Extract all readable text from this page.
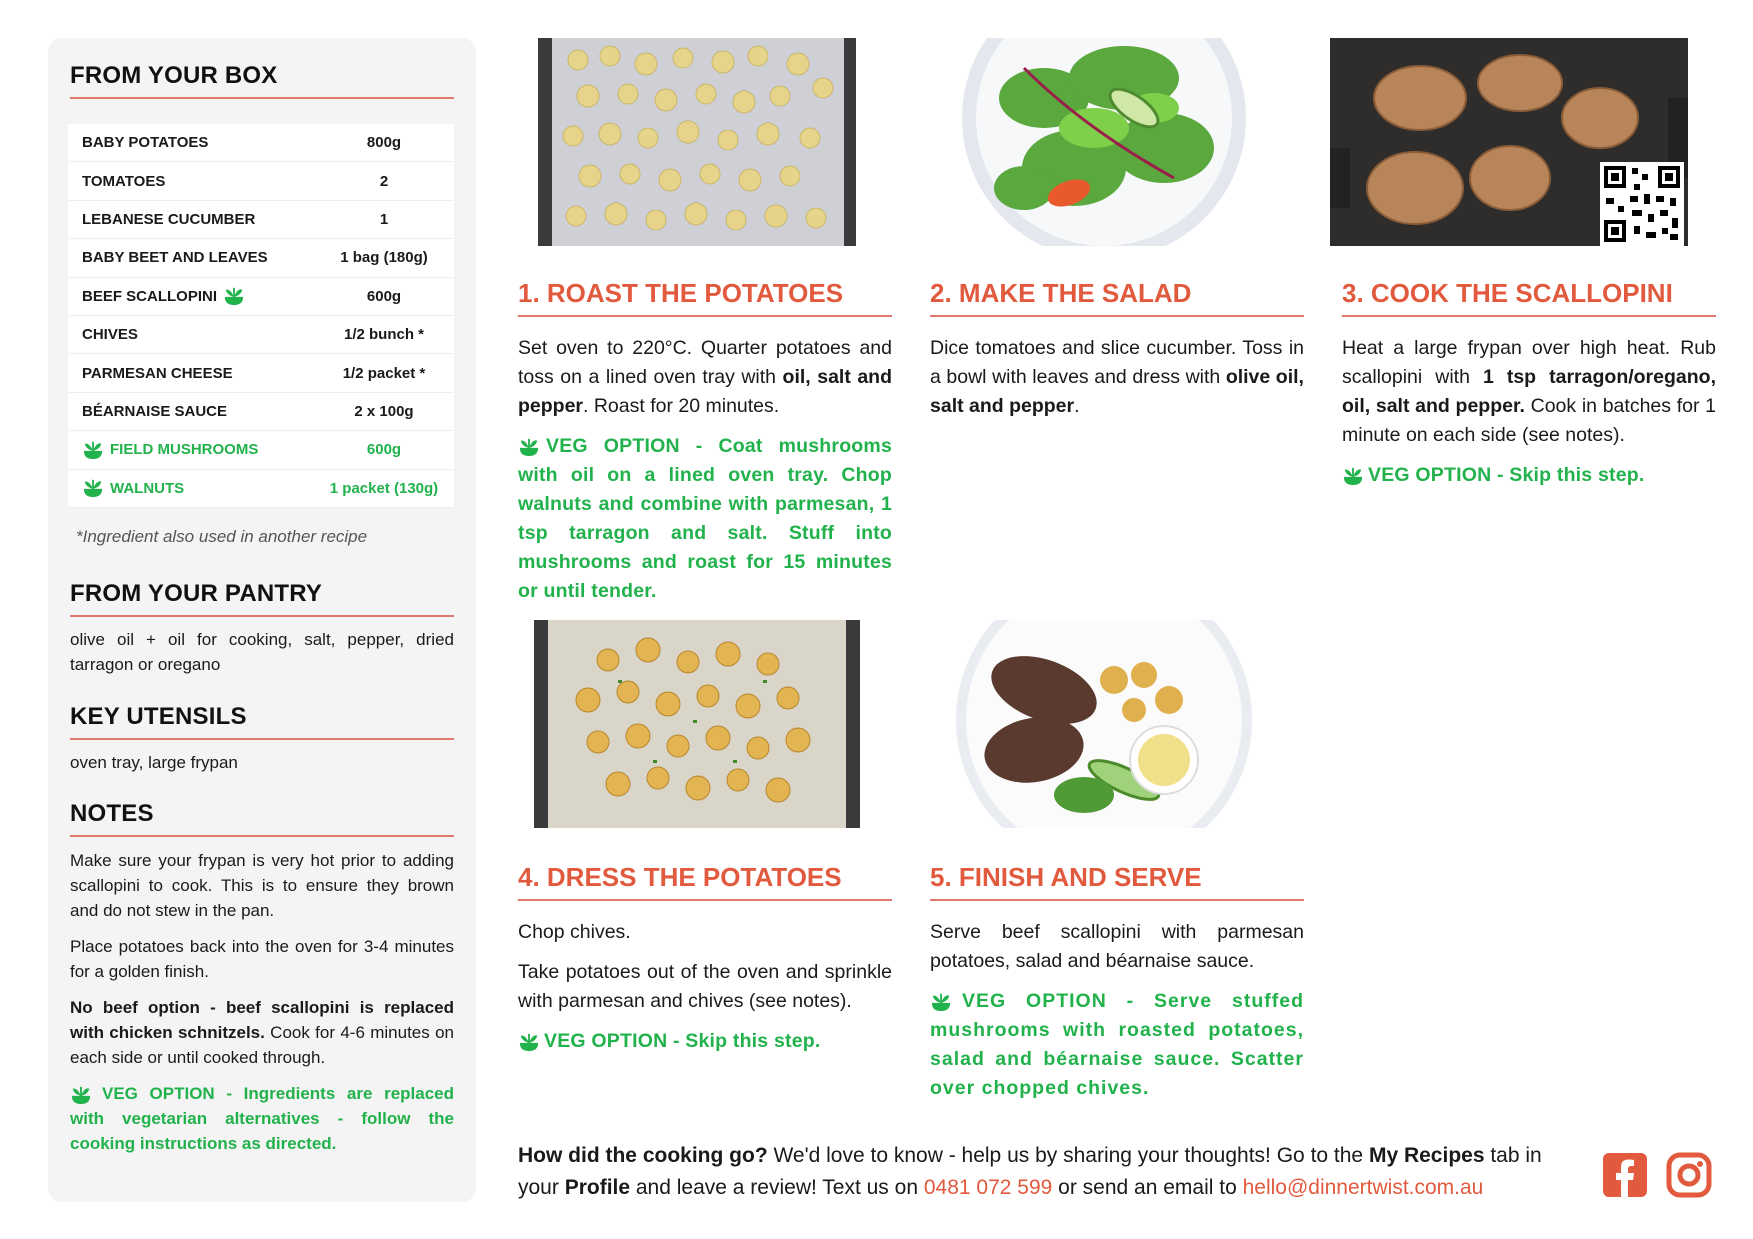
FROM YOUR BOX
BABY POTATOES	800g
TOMATOES	2
LEBANESE CUCUMBER	1
BABY BEET AND LEAVES	1 bag (180g)
BEEF SCALLOPINI	600g
CHIVES	1/2 bunch *
PARMESAN CHEESE	1/2 packet *
BÉARNAISE SAUCE	2 x 100g
FIELD MUSHROOMS	600g
WALNUTS	1 packet (130g)
*Ingredient also used in another recipe
FROM YOUR PANTRY
olive oil + oil for cooking, salt, pepper, dried tarragon or oregano
KEY UTENSILS
oven tray, large frypan
NOTES

Make sure your frypan is very hot prior to adding scallopini to cook. This is to ensure they brown and do not stew in the pan.

Place potatoes back into the oven for 3-4 minutes for a golden finish.

No beef option - beef scallopini is replaced with chicken schnitzels. Cook for 4-6 minutes on each side or until cooked through.

VEG OPTION - Ingredients are replaced with vegetarian alternatives - follow the cooking instructions as directed.

1. ROAST THE POTATOES

Set oven to 220°C. Quarter potatoes and toss on a lined oven tray with oil, salt and pepper. Roast for 20 minutes.

VEG OPTION - Coat mushrooms with oil on a lined oven tray. Chop walnuts and combine with parmesan, 1 tsp tarragon and salt. Stuff into mushrooms and roast for 15 minutes or until tender.

2. MAKE THE SALAD

Dice tomatoes and slice cucumber. Toss in a bowl with leaves and dress with olive oil, salt and pepper.

3. COOK THE SCALLOPINI

Heat a large frypan over high heat. Rub scallopini with 1 tsp tarragon/oregano, oil, salt and pepper. Cook in batches for 1 minute on each side (see notes).

VEG OPTION - Skip this step.

4. DRESS THE POTATOES

Chop chives.

Take potatoes out of the oven and sprinkle with parmesan and chives (see notes).

VEG OPTION - Skip this step.

5. FINISH AND SERVE

Serve beef scallopini with parmesan potatoes, salad and béarnaise sauce.

VEG OPTION - Serve stuffed mushrooms with roasted potatoes, salad and béarnaise sauce. Scatter over chopped chives.

How did the cooking go? We'd love to know - help us by sharing your thoughts! Go to the My Recipes tab in your Profile and leave a review! Text us on 0481 072 599 or send an email to hello@dinnertwist.com.au
